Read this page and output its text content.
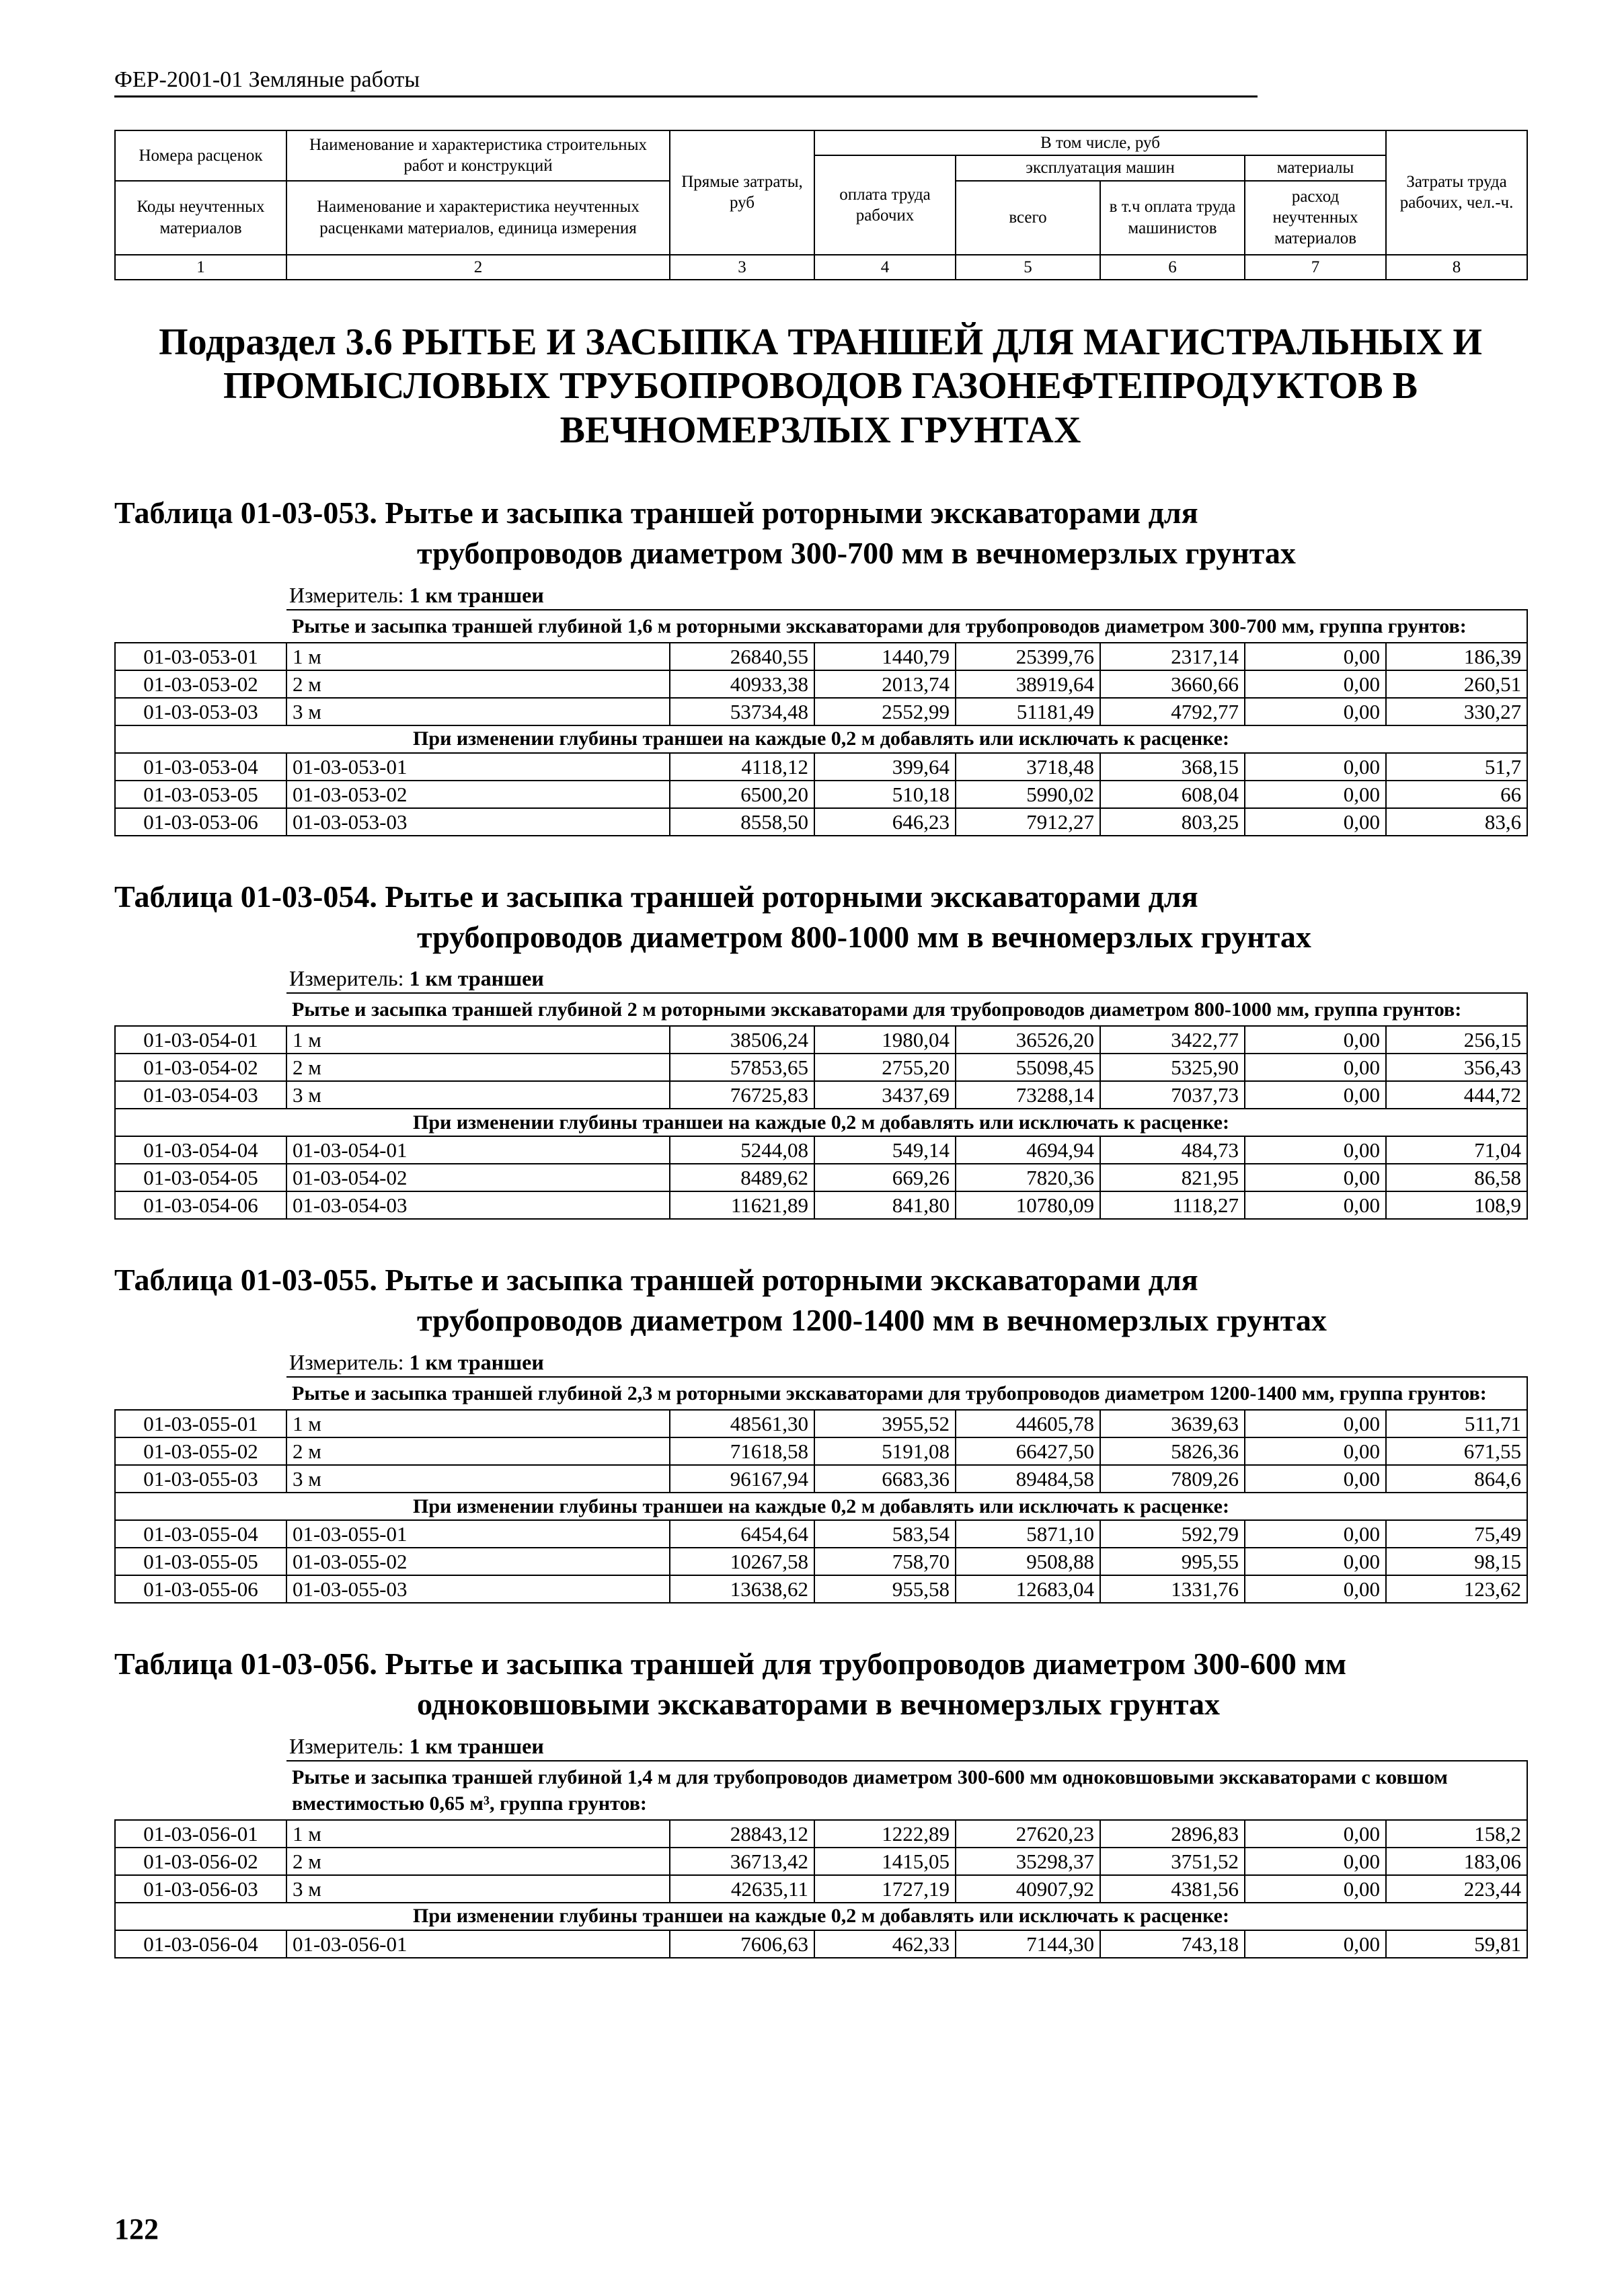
ФЕР-2001-01 Земляные работы
Номера расценок	Наименование и характеристика строительных работ и конструкций	Прямые затраты, руб	В том числе, руб				Затраты труда рабочих, чел.-ч.
			оплата труда рабочих	эксплуатация машин		материалы	
Коды неучтенных материалов	Наименование и характеристика неучтенных расценками материалов, единица измерения			всего	в т.ч оплата труда машинистов	расход неучтенных материалов	

1	2	3	4	5	6	7	8
Подраздел 3.6 РЫТЬЕ И ЗАСЫПКА ТРАНШЕЙ ДЛЯ МАГИСТРАЛЬНЫХ И ПРОМЫСЛОВЫХ ТРУБОПРОВОДОВ ГАЗОНЕФТЕПРОДУКТОВ В ВЕЧНОМЕРЗЛЫХ ГРУНТАХ
Таблица 01-03-053. Рытье и засыпка траншей роторными экскаваторами для
трубопроводов диаметром 300-700 мм в вечномерзлых грунтах
Измеритель: 1 км траншеи
	Рытье и засыпка траншей глубиной 1,6 м роторными экскаваторами для трубопроводов диаметром 300-700 мм, группа грунтов:						
01-03-053-01	1 м	26840,55	1440,79	25399,76	2317,14	0,00	186,39
01-03-053-02	2 м	40933,38	2013,74	38919,64	3660,66	0,00	260,51
01-03-053-03	3 м	53734,48	2552,99	51181,49	4792,77	0,00	330,27
При изменении глубины траншеи на каждые 0,2 м добавлять или исключать к расценке:							
01-03-053-04	01-03-053-01	4118,12	399,64	3718,48	368,15	0,00	51,7
01-03-053-05	01-03-053-02	6500,20	510,18	5990,02	608,04	0,00	66
01-03-053-06	01-03-053-03	8558,50	646,23	7912,27	803,25	0,00	83,6
Таблица 01-03-054. Рытье и засыпка траншей роторными экскаваторами для
трубопроводов диаметром 800-1000 мм в вечномерзлых грунтах
Измеритель: 1 км траншеи
	Рытье и засыпка траншей глубиной 2 м роторными экскаваторами для трубопроводов диаметром 800-1000 мм, группа грунтов:						
01-03-054-01	1 м	38506,24	1980,04	36526,20	3422,77	0,00	256,15
01-03-054-02	2 м	57853,65	2755,20	55098,45	5325,90	0,00	356,43
01-03-054-03	3 м	76725,83	3437,69	73288,14	7037,73	0,00	444,72
При изменении глубины траншеи на каждые 0,2 м добавлять или исключать к расценке:							
01-03-054-04	01-03-054-01	5244,08	549,14	4694,94	484,73	0,00	71,04
01-03-054-05	01-03-054-02	8489,62	669,26	7820,36	821,95	0,00	86,58
01-03-054-06	01-03-054-03	11621,89	841,80	10780,09	1118,27	0,00	108,9
Таблица 01-03-055. Рытье и засыпка траншей роторными экскаваторами для
трубопроводов диаметром 1200-1400 мм в вечномерзлых грунтах
Измеритель: 1 км траншеи
	Рытье и засыпка траншей глубиной 2,3 м роторными экскаваторами для трубопроводов диаметром 1200-1400 мм, группа грунтов:						
01-03-055-01	1 м	48561,30	3955,52	44605,78	3639,63	0,00	511,71
01-03-055-02	2 м	71618,58	5191,08	66427,50	5826,36	0,00	671,55
01-03-055-03	3 м	96167,94	6683,36	89484,58	7809,26	0,00	864,6
При изменении глубины траншеи на каждые 0,2 м добавлять или исключать к расценке:							
01-03-055-04	01-03-055-01	6454,64	583,54	5871,10	592,79	0,00	75,49
01-03-055-05	01-03-055-02	10267,58	758,70	9508,88	995,55	0,00	98,15
01-03-055-06	01-03-055-03	13638,62	955,58	12683,04	1331,76	0,00	123,62
Таблица 01-03-056. Рытье и засыпка траншей для трубопроводов диаметром 300-600 мм
одноковшовыми экскаваторами в вечномерзлых грунтах
Измеритель: 1 км траншеи
	Рытье и засыпка траншей глубиной 1,4 м для трубопроводов диаметром 300-600 мм одноковшовыми экскаваторами с ковшом вместимостью 0,65 м³, группа грунтов:						
01-03-056-01	1 м	28843,12	1222,89	27620,23	2896,83	0,00	158,2
01-03-056-02	2 м	36713,42	1415,05	35298,37	3751,52	0,00	183,06
01-03-056-03	3 м	42635,11	1727,19	40907,92	4381,56	0,00	223,44
При изменении глубины траншеи на каждые 0,2 м добавлять или исключать к расценке:							
01-03-056-04	01-03-056-01	7606,63	462,33	7144,30	743,18	0,00	59,81
122
